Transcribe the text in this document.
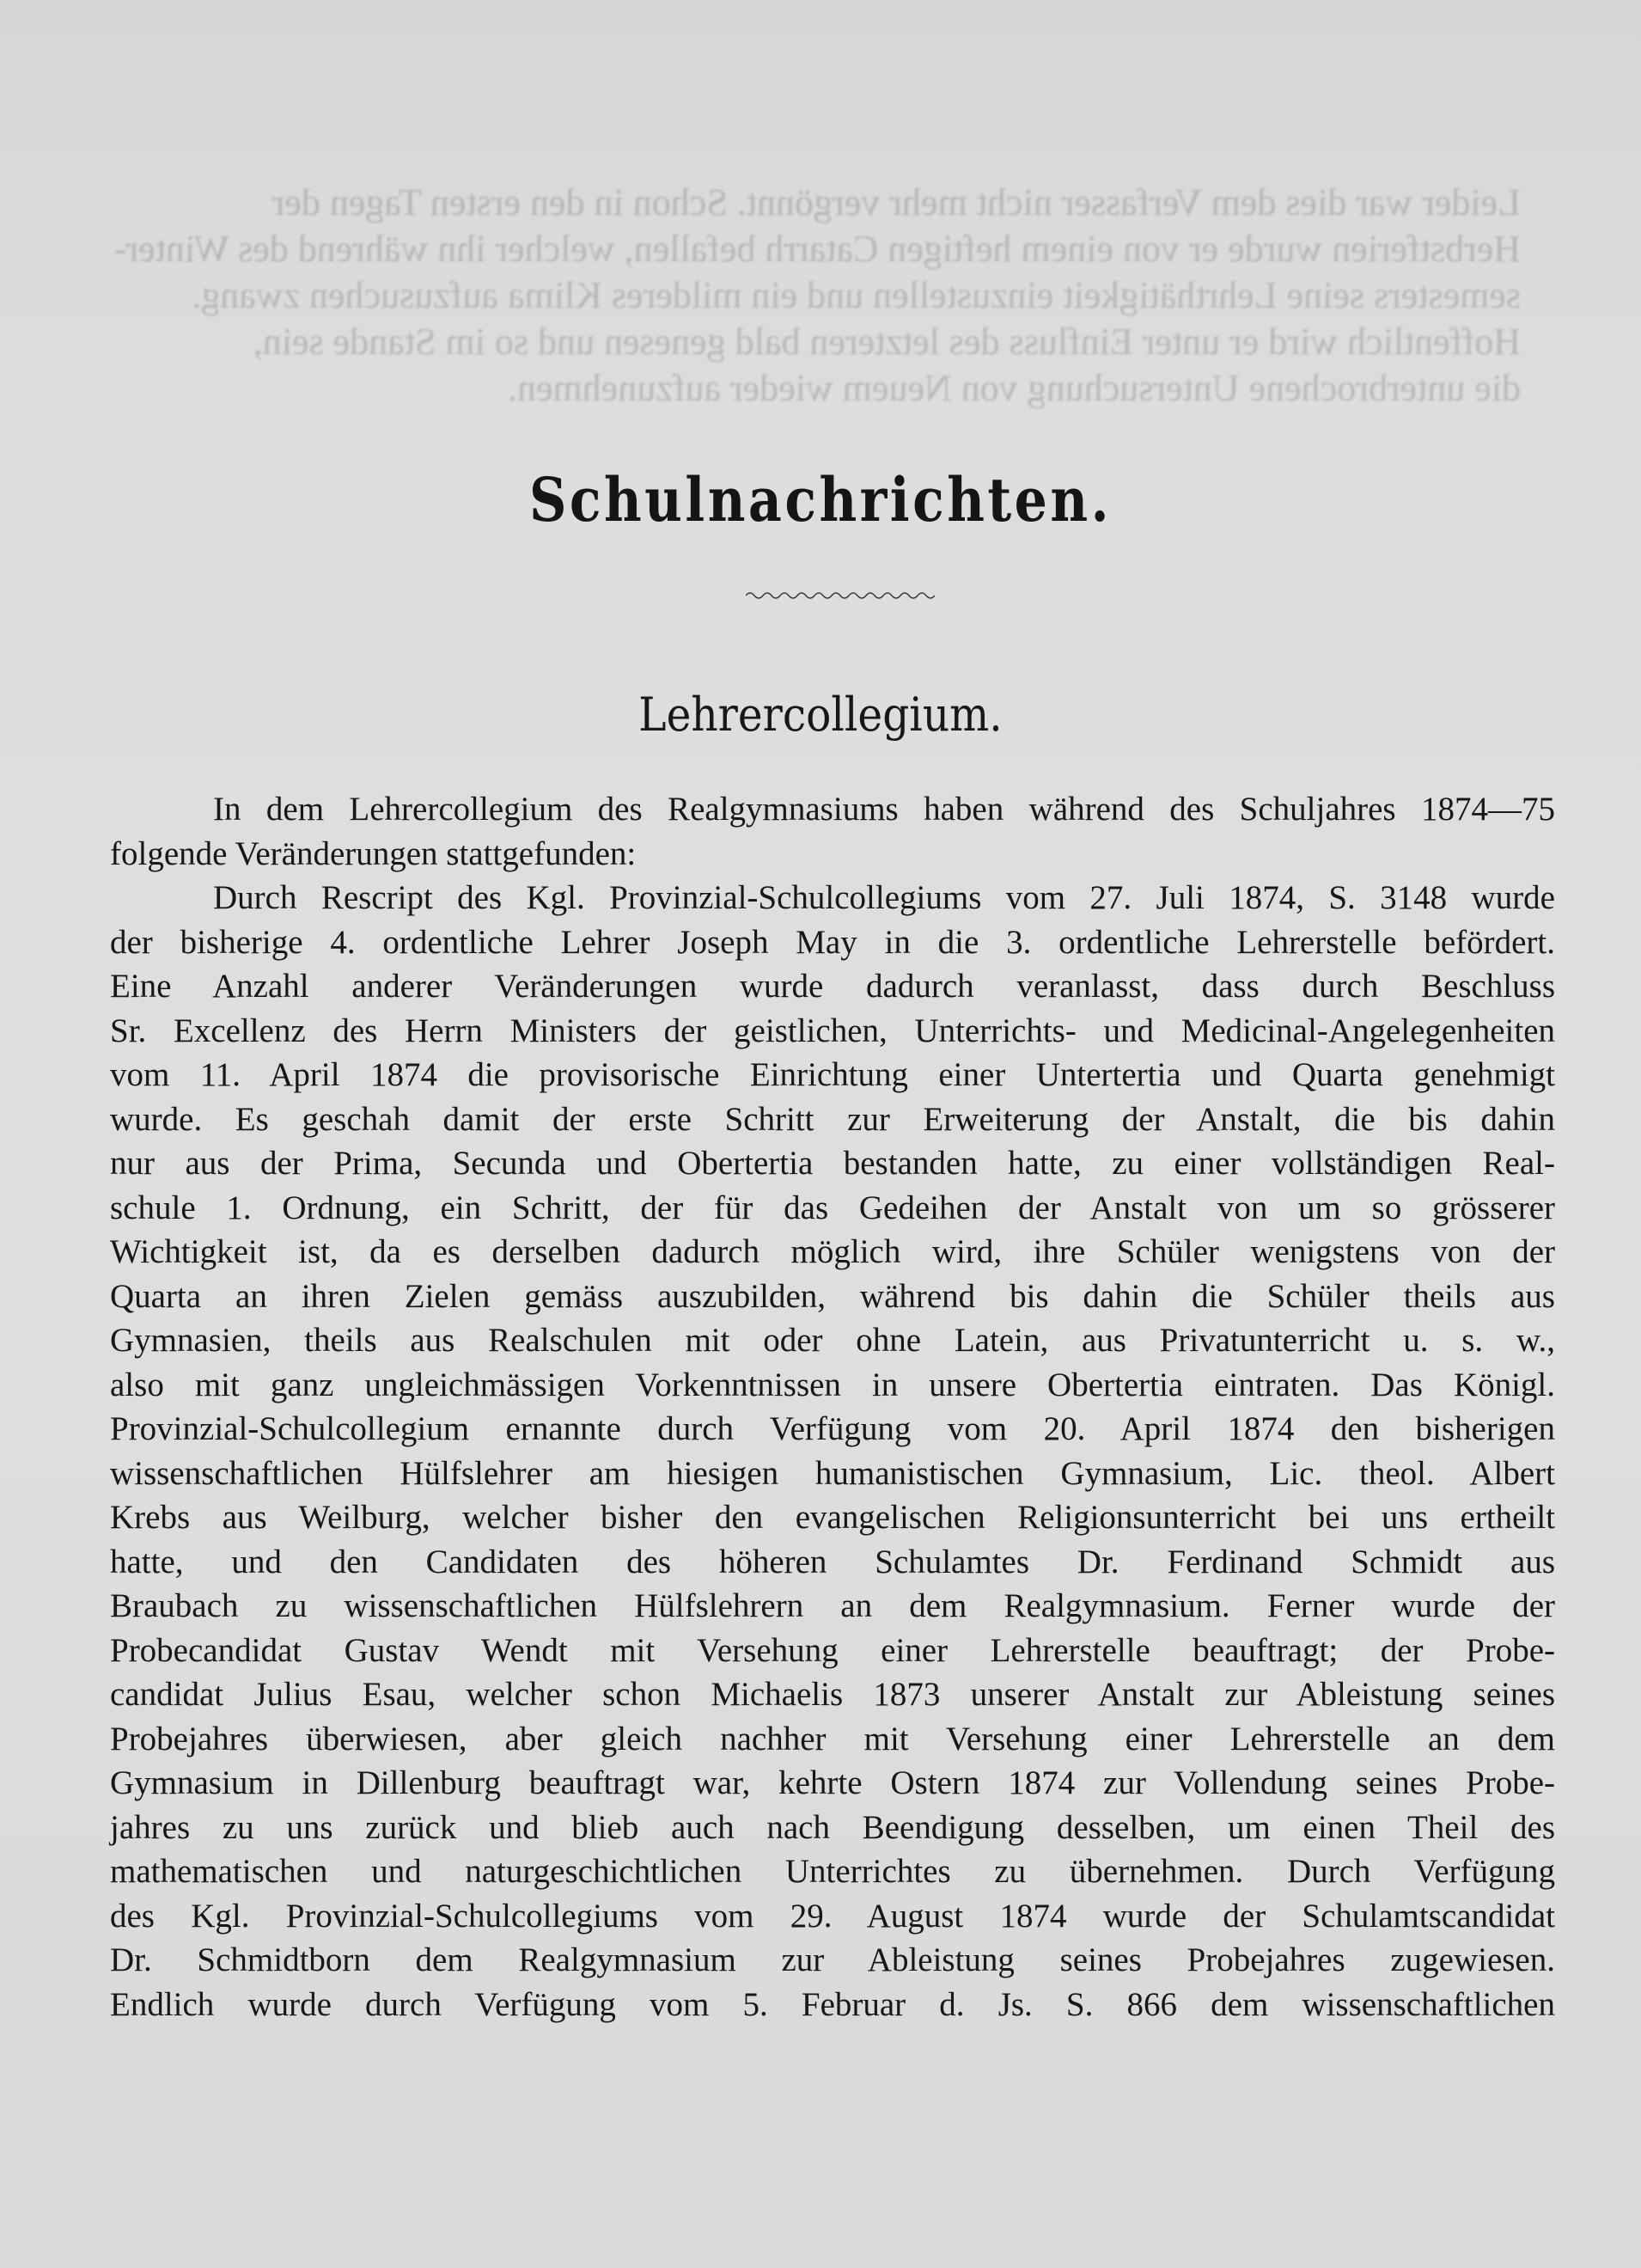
Leider war dies dem Verfasser nicht mehr vergönnt. Schon in den ersten Tagen der
Herbstferien wurde er von einem heftigen Catarrh befallen, welcher ihn während des Winter-
semesters seine Lehrthätigkeit einzustellen und ein milderes Klima aufzusuchen zwang.
Hoffentlich wird er unter Einfluss des letzteren bald genesen und so im Stande sein,
die unterbrochene Untersuchung von Neuem wieder aufzunehmen.
Schulnachrichten.
Lehrercollegium.
In dem Lehrercollegium des Realgymnasiums haben während des Schuljahres 1874—75
folgende Veränderungen stattgefunden:
Durch Rescript des Kgl. Provinzial-Schulcollegiums vom 27. Juli 1874, S. 3148 wurde
der bisherige 4. ordentliche Lehrer Joseph May in die 3. ordentliche Lehrerstelle befördert.
Eine Anzahl anderer Veränderungen wurde dadurch veranlasst, dass durch Beschluss
Sr. Excellenz des Herrn Ministers der geistlichen, Unterrichts- und Medicinal-Angelegenheiten
vom 11. April 1874 die provisorische Einrichtung einer Untertertia und Quarta genehmigt
wurde. Es geschah damit der erste Schritt zur Erweiterung der Anstalt, die bis dahin
nur aus der Prima, Secunda und Obertertia bestanden hatte, zu einer vollständigen Real-
schule 1. Ordnung, ein Schritt, der für das Gedeihen der Anstalt von um so grösserer
Wichtigkeit ist, da es derselben dadurch möglich wird, ihre Schüler wenigstens von der
Quarta an ihren Zielen gemäss auszubilden, während bis dahin die Schüler theils aus
Gymnasien, theils aus Realschulen mit oder ohne Latein, aus Privatunterricht u. s. w.,
also mit ganz ungleichmässigen Vorkenntnissen in unsere Obertertia eintraten. Das Königl.
Provinzial-Schulcollegium ernannte durch Verfügung vom 20. April 1874 den bisherigen
wissenschaftlichen Hülfslehrer am hiesigen humanistischen Gymnasium, Lic. theol. Albert
Krebs aus Weilburg, welcher bisher den evangelischen Religionsunterricht bei uns ertheilt
hatte, und den Candidaten des höheren Schulamtes Dr. Ferdinand Schmidt aus
Braubach zu wissenschaftlichen Hülfslehrern an dem Realgymnasium. Ferner wurde der
Probecandidat Gustav Wendt mit Versehung einer Lehrerstelle beauftragt; der Probe-
candidat Julius Esau, welcher schon Michaelis 1873 unserer Anstalt zur Ableistung seines
Probejahres überwiesen, aber gleich nachher mit Versehung einer Lehrerstelle an dem
Gymnasium in Dillenburg beauftragt war, kehrte Ostern 1874 zur Vollendung seines Probe-
jahres zu uns zurück und blieb auch nach Beendigung desselben, um einen Theil des
mathematischen und naturgeschichtlichen Unterrichtes zu übernehmen. Durch Verfügung
des Kgl. Provinzial-Schulcollegiums vom 29. August 1874 wurde der Schulamtscandidat
Dr. Schmidtborn dem Realgymnasium zur Ableistung seines Probejahres zugewiesen.
Endlich wurde durch Verfügung vom 5. Februar d. Js. S. 866 dem wissenschaftlichen
